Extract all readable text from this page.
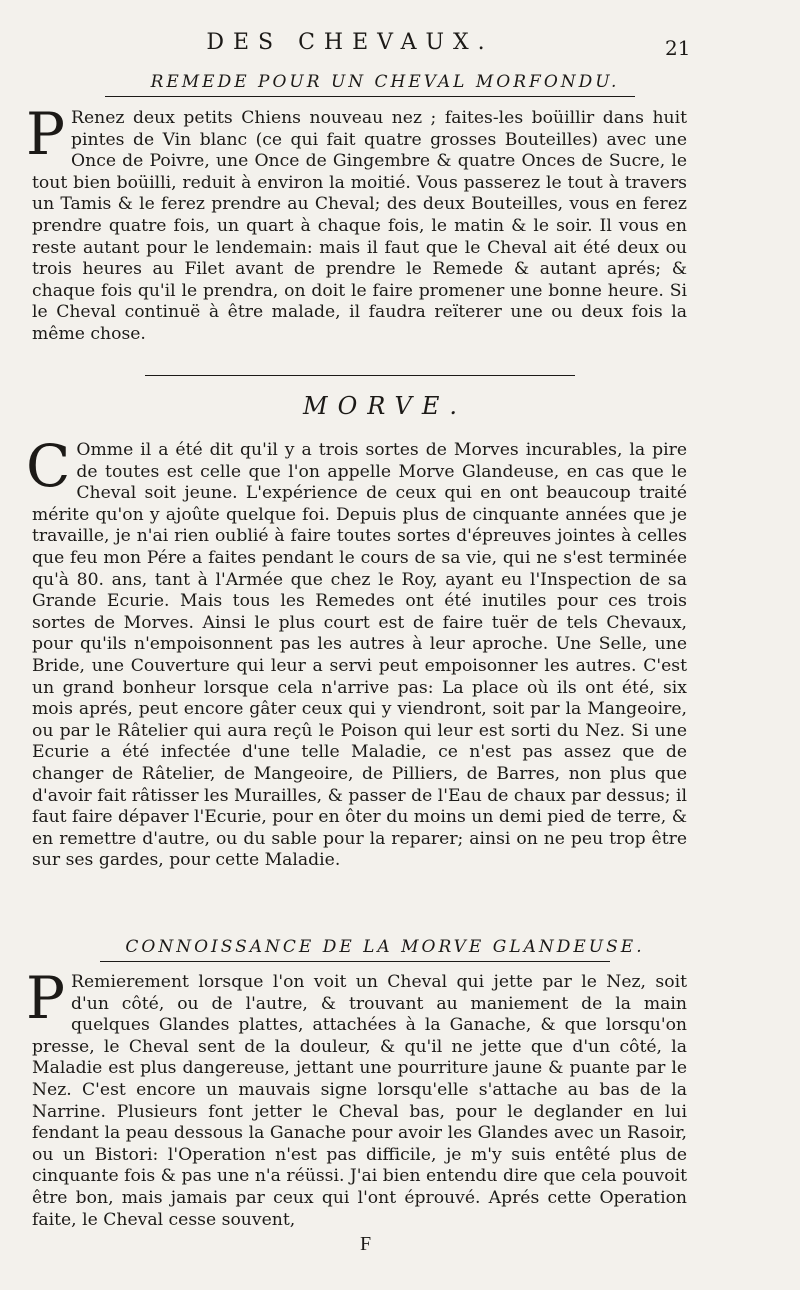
DES CHEVAUX.	21
REMEDE POUR UN CHEVAL MORFONDU.

P Renez deux petits Chiens nouveau nez ; faites-les boüillir dans huit pintes de Vin blanc (ce qui fait quatre grosses Bouteilles) avec une Once de Poivre, une Once de Gingembre & quatre Onces de Sucre, le tout bien boüilli, reduit à environ la moitié. Vous passerez le tout à travers un Tamis & le ferez prendre au Cheval; des deux Bouteilles, vous en ferez prendre quatre fois, un quart à chaque fois, le matin & le soir. Il vous en reste autant pour le lendemain: mais il faut que le Cheval ait été deux ou trois heures au Filet avant de prendre le Remede & autant aprés; & chaque fois qu'il le prendra, on doit le faire promener une bonne heure. Si le Cheval continuë à être malade, il faudra reïterer une ou deux fois la même chose.

MORVE.

C Omme il a été dit qu'il y a trois sortes de Morves incurables, la pire de toutes est celle que l'on appelle Morve Glandeuse, en cas que le Cheval soit jeune. L'expérience de ceux qui en ont beaucoup traité mérite qu'on y ajoûte quelque foi. Depuis plus de cinquante années que je travaille, je n'ai rien oublié à faire toutes sortes d'épreuves jointes à celles que feu mon Pére a faites pendant le cours de sa vie, qui ne s'est terminée qu'à 80. ans, tant à l'Armée que chez le Roy, ayant eu l'Inspection de sa Grande Ecurie. Mais tous les Remedes ont été inutiles pour ces trois sortes de Morves. Ainsi le plus court est de faire tuër de tels Chevaux, pour qu'ils n'empoisonnent pas les autres à leur aproche. Une Selle, une Bride, une Couverture qui leur a servi peut empoisonner les autres. C'est un grand bonheur lorsque cela n'arrive pas: La place où ils ont été, six mois aprés, peut encore gâter ceux qui y viendront, soit par la Mangeoire, ou par le Râtelier qui aura reçû le Poison qui leur est sorti du Nez. Si une Ecurie a été infectée d'une telle Maladie, ce n'est pas assez que de changer de Râtelier, de Mangeoire, de Pilliers, de Barres, non plus que d'avoir fait râtisser les Murailles, & passer de l'Eau de chaux par dessus; il faut faire dépaver l'Ecurie, pour en ôter du moins un demi pied de terre, & en remettre d'autre, ou du sable pour la reparer; ainsi on ne peu trop être sur ses gardes, pour cette Maladie.

CONNOISSANCE DE LA MORVE GLANDEUSE.

P Remierement lorsque l'on voit un Cheval qui jette par le Nez, soit d'un côté, ou de l'autre, & trouvant au maniement de la main quelques Glandes plattes, attachées à la Ganache, & que lorsqu'on presse, le Cheval sent de la douleur, & qu'il ne jette que d'un côté, la Maladie est plus dangereuse, jettant une pourriture jaune & puante par le Nez. C'est encore un mauvais signe lorsqu'elle s'attache au bas de la Narrine. Plusieurs font jetter le Cheval bas, pour le deglander en lui fendant la peau dessous la Ganache pour avoir les Glandes avec un Rasoir, ou un Bistori: l'Operation n'est pas difficile, je m'y suis entêté plus de cinquante fois & pas une n'a réüssi. J'ai bien entendu dire que cela pouvoit être bon, mais jamais par ceux qui l'ont éprouvé. Aprés cette Operation faite, le Cheval cesse souvent,

F
